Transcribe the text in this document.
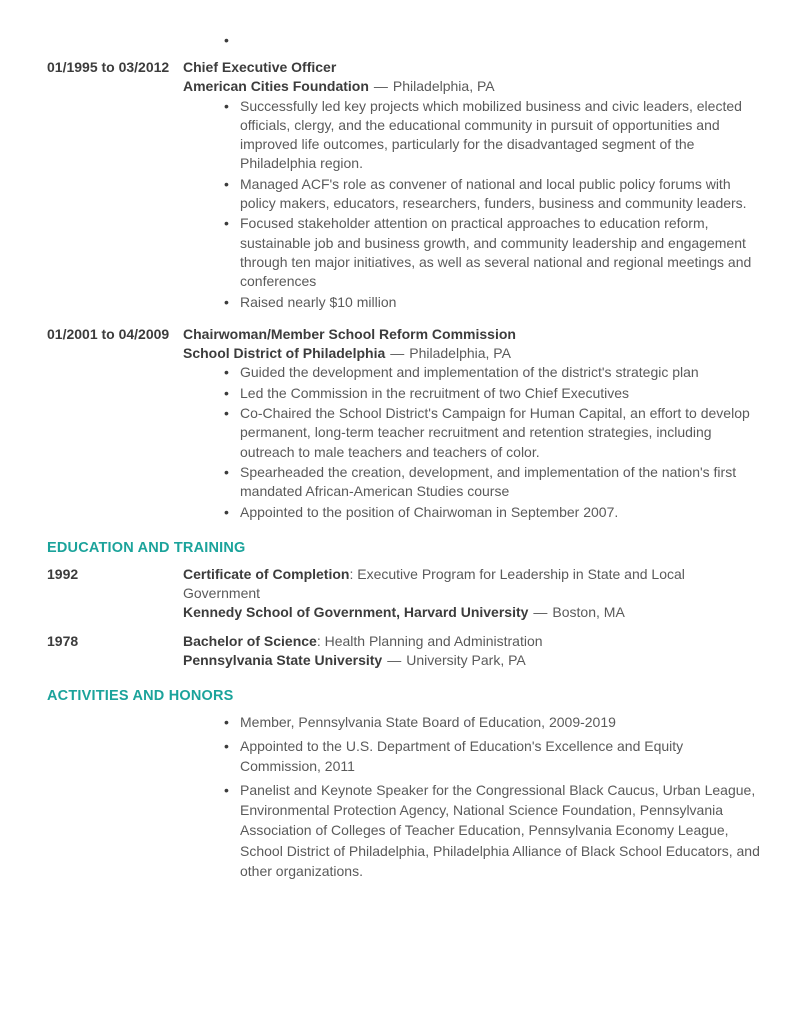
•
01/1995 to 03/2012 Chief Executive Officer

American Cities Foundation — Philadelphia, PA

• Successfully led key projects which mobilized business and civic leaders, elected officials, clergy, and the educational community in pursuit of opportunities and improved life outcomes, particularly for the disadvantaged segment of the Philadelphia region.
• Managed ACF's role as convener of national and local public policy forums with policy makers, educators, researchers, funders, business and community leaders.
• Focused stakeholder attention on practical approaches to education reform, sustainable job and business growth, and community leadership and engagement through ten major initiatives, as well as several national and regional meetings and conferences
• Raised nearly $10 million
01/2001 to 04/2009 Chairwoman/Member School Reform Commission

School District of Philadelphia — Philadelphia, PA

• Guided the development and implementation of the district's strategic plan
• Led the Commission in the recruitment of two Chief Executives
• Co-Chaired the School District's Campaign for Human Capital, an effort to develop permanent, long-term teacher recruitment and retention strategies, including outreach to male teachers and teachers of color.
• Spearheaded the creation, development, and implementation of the nation's first mandated African-American Studies course
• Appointed to the position of Chairwoman in September 2007.
EDUCATION AND TRAINING
1992	Certificate of Completion: Executive Program for Leadership in State and Local Government

Kennedy School of Government, Harvard University — Boston, MA

1978	Bachelor of Science: Health Planning and Administration

Pennsylvania State University — University Park, PA

ACTIVITIES AND HONORS
• Member, Pennsylvania State Board of Education, 2009-2019
• Appointed to the U.S. Department of Education's Excellence and Equity Commission, 2011
• Panelist and Keynote Speaker for the Congressional Black Caucus, Urban League, Environmental Protection Agency, National Science Foundation, Pennsylvania Association of Colleges of Teacher Education, Pennsylvania Economy League, School District of Philadelphia, Philadelphia Alliance of Black School Educators, and other organizations.
